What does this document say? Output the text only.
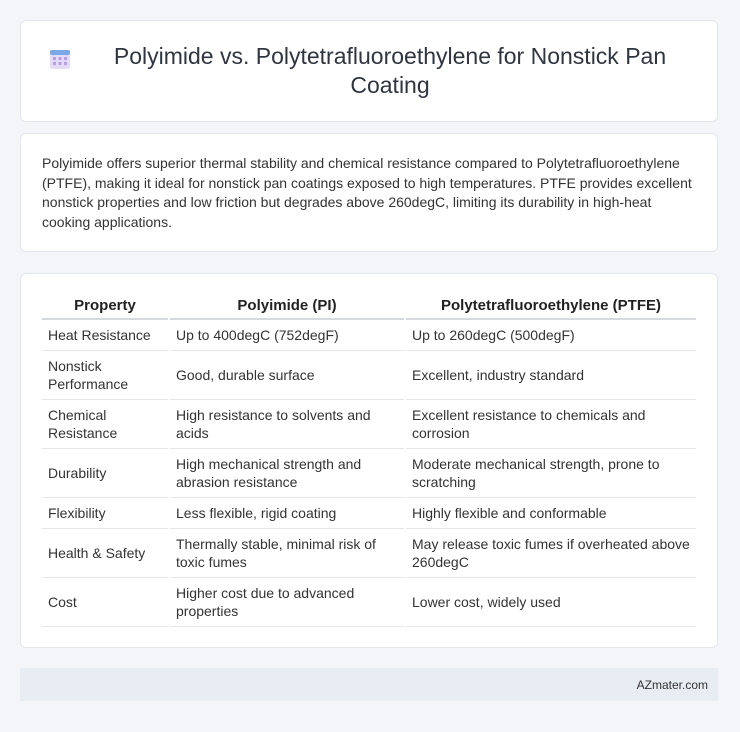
Polyimide vs. Polytetrafluoroethylene for Nonstick Pan Coating

Polyimide offers superior thermal stability and chemical resistance compared to Polytetrafluoroethylene (PTFE), making it ideal for nonstick pan coatings exposed to high temperatures. PTFE provides excellent nonstick properties and low friction but degrades above 260degC, limiting its durability in high-heat cooking applications.

Property	Polyimide (PI)	Polytetrafluoroethylene (PTFE)
Heat Resistance	Up to 400degC (752degF)	Up to 260degC (500degF)
Nonstick Performance	Good, durable surface	Excellent, industry standard
Chemical Resistance	High resistance to solvents and acids	Excellent resistance to chemicals and corrosion
Durability	High mechanical strength and abrasion resistance	Moderate mechanical strength, prone to scratching
Flexibility	Less flexible, rigid coating	Highly flexible and conformable
Health & Safety	Thermally stable, minimal risk of toxic fumes	May release toxic fumes if overheated above 260degC
Cost	Higher cost due to advanced properties	Lower cost, widely used
AZmater.com
